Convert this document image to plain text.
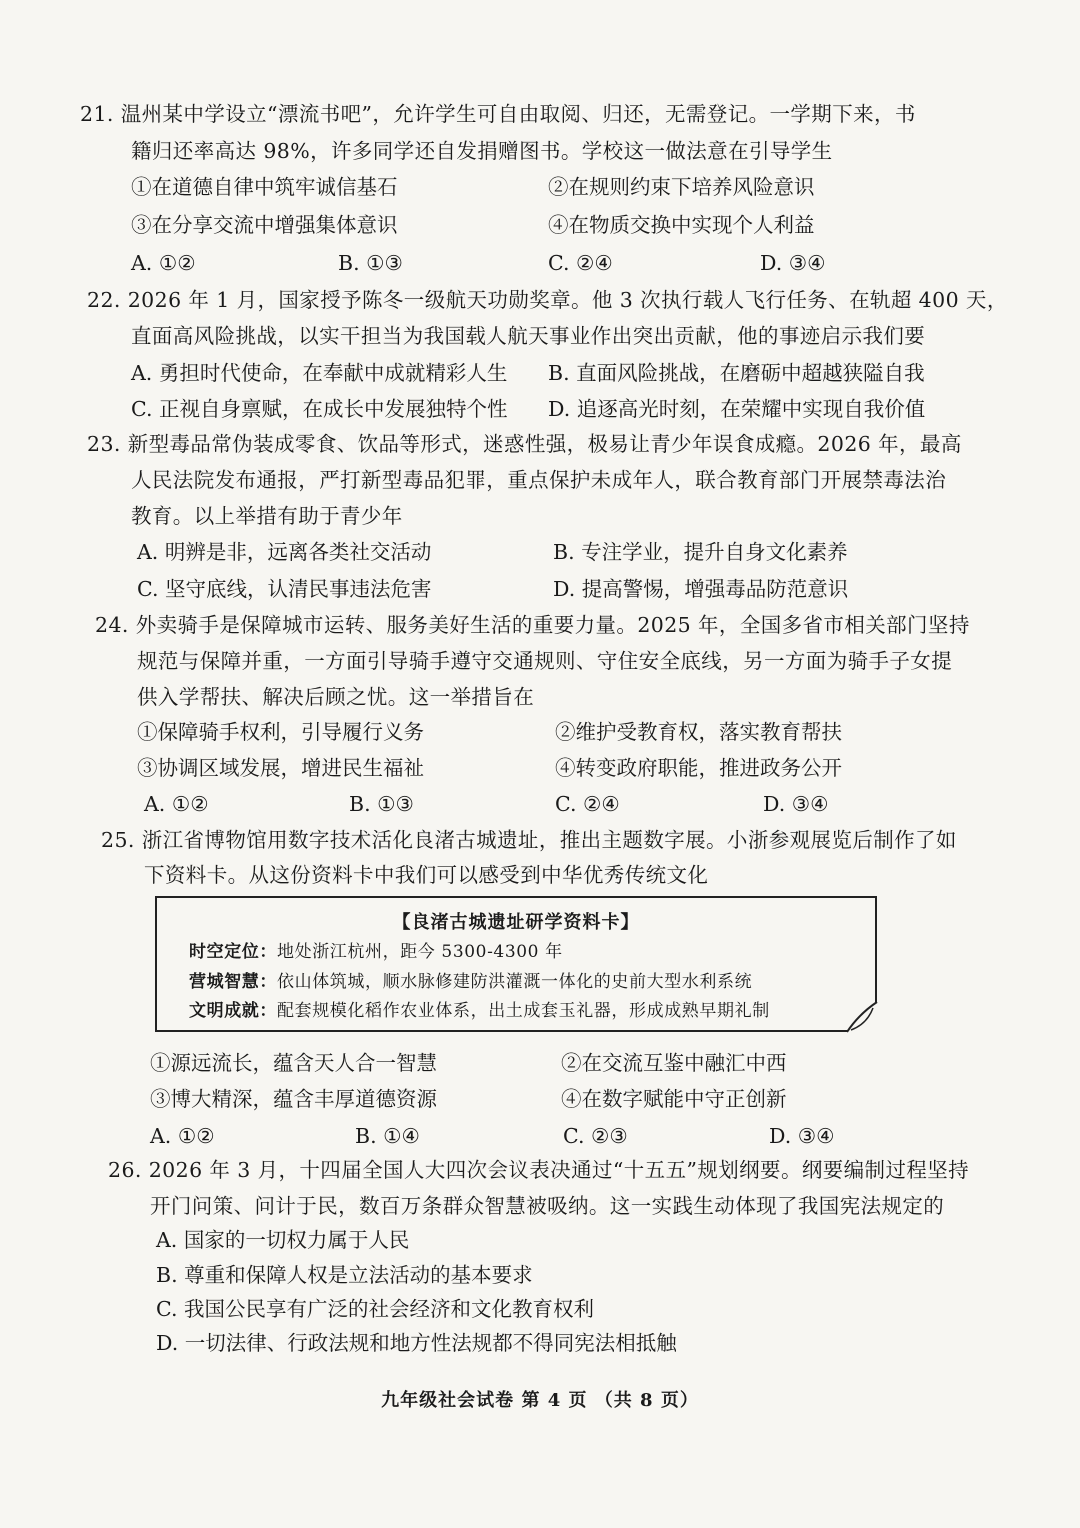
21. 温州某中学设立“漂流书吧”，允许学生可自由取阅、归还，无需登记。一学期下来，书
籍归还率高达 98%，许多同学还自发捐赠图书。学校这一做法意在引导学生
①在道德自律中筑牢诚信基石	②在规则约束下培养风险意识
③在分享交流中增强集体意识	④在物质交换中实现个人利益
A. ①②	B. ①③	C. ②④	D. ③④
22. 2026 年 1 月，国家授予陈冬一级航天功勋奖章。他 3 次执行载人飞行任务、在轨超 400 天，
直面高风险挑战，以实干担当为我国载人航天事业作出突出贡献，他的事迹启示我们要
A. 勇担时代使命，在奉献中成就精彩人生 B. 直面风险挑战，在磨砺中超越狭隘自我
C. 正视自身禀赋，在成长中发展独特个性 D. 追逐高光时刻，在荣耀中实现自我价值
23. 新型毒品常伪装成零食、饮品等形式，迷惑性强，极易让青少年误食成瘾。2026 年，最高
人民法院发布通报，严打新型毒品犯罪，重点保护未成年人，联合教育部门开展禁毒法治
教育。以上举措有助于青少年
A. 明辨是非，远离各类社交活动	B. 专注学业，提升自身文化素养
C. 坚守底线，认清民事违法危害	D. 提高警惕，增强毒品防范意识
24. 外卖骑手是保障城市运转、服务美好生活的重要力量。2025 年，全国多省市相关部门坚持
规范与保障并重，一方面引导骑手遵守交通规则、守住安全底线，另一方面为骑手子女提
供入学帮扶、解决后顾之忧。这一举措旨在
①保障骑手权利，引导履行义务	②维护受教育权，落实教育帮扶
③协调区域发展，增进民生福祉	④转变政府职能，推进政务公开
A. ①②	B. ①③	C. ②④	D. ③④
25. 浙江省博物馆用数字技术活化良渚古城遗址，推出主题数字展。小浙参观展览后制作了如
下资料卡。从这份资料卡中我们可以感受到中华优秀传统文化
【良渚古城遗址研学资料卡】
时空定位：地处浙江杭州，距今 5300-4300 年
营城智慧：依山体筑城，顺水脉修建防洪灌溉一体化的史前大型水利系统
文明成就：配套规模化稻作农业体系，出土成套玉礼器，形成成熟早期礼制
①源远流长，蕴含天人合一智慧	②在交流互鉴中融汇中西
③博大精深，蕴含丰厚道德资源	④在数字赋能中守正创新
A. ①②	B. ①④	C. ②③	D. ③④
26. 2026 年 3 月，十四届全国人大四次会议表决通过“十五五”规划纲要。纲要编制过程坚持
开门问策、问计于民，数百万条群众智慧被吸纳。这一实践生动体现了我国宪法规定的
A. 国家的一切权力属于人民
B. 尊重和保障人权是立法活动的基本要求
C. 我国公民享有广泛的社会经济和文化教育权利
D. 一切法律、行政法规和地方性法规都不得同宪法相抵触
九年级社会试卷 第 4 页 （共 8 页）
